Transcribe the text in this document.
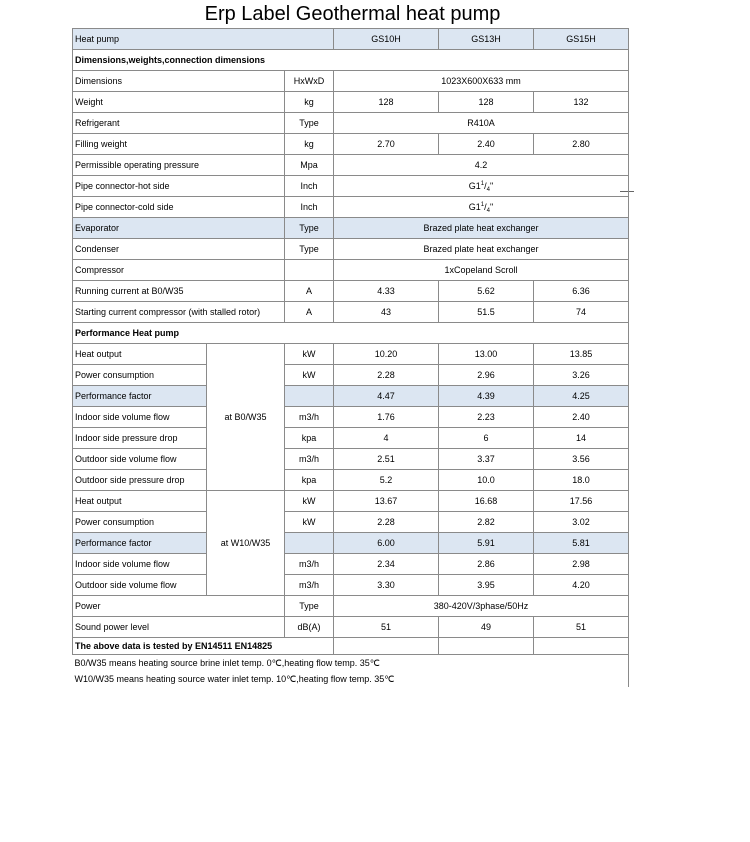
Erp Label Geothermal heat pump
Heat pump			GS10H	GS13H	GS15H
Dimensions,weights,connection dimensions					
Dimensions		HxWxD	1023X600X633 mm		
Weight		kg	128	128	132
Refrigerant		Type	R410A		
Filling weight		kg	2.70	2.40	2.80
Permissible operating pressure		Mpa	4.2		
Pipe connector-hot side		Inch	$G1^1/_4$"		
Pipe connector-cold side		Inch	$G1^1/_4$"		
Evaporator		Type	Brazed plate heat exchanger		
Condenser		Type	Brazed plate heat exchanger		
Compressor			1xCopeland Scroll		
Running current at B0/W35		A	4.33	5.62	6.36
Starting current compressor (with stalled rotor)		A	43	51.5	74
Performance Heat pump					
Heat output	at B0/W35	kW	10.20	13.00	13.85
Power consumption		kW	2.28	2.96	3.26
Performance factor			4.47	4.39	4.25
Indoor side volume flow		m3/h	1.76	2.23	2.40
Indoor side pressure drop		kpa	4	6	14
Outdoor side volume flow		m3/h	2.51	3.37	3.56
Outdoor side pressure drop		kpa	5.2	10.0	18.0
Heat output	at W10/W35	kW	13.67	16.68	17.56
Power consumption		kW	2.28	2.82	3.02
Performance factor			6.00	5.91	5.81
Indoor side volume flow		m3/h	2.34	2.86	2.98
Outdoor side volume flow		m3/h	3.30	3.95	4.20
Power		Type	380-420V/3phase/50Hz		
Sound power level		dB(A)	51	49	51
The above data is tested by EN14511 EN14825					
B0/W35 means heating source brine inlet temp. 0℃,heating flow temp. 35℃					
W10/W35 means heating source water inlet temp. 10℃,heating flow temp. 35℃					
